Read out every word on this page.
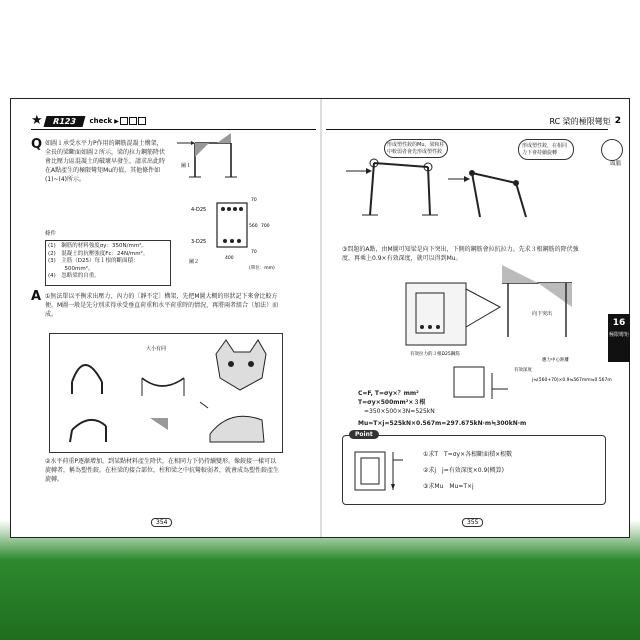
★	R123	check ▶
Q 如圖１承受水平力P作用的鋼筋混凝土構架，全長的梁斷面如圖２所示，梁的拉力鋼筋降伏會比壓力區混凝土的破壞早發生，請求出此時在A點產生的極限彎矩Mu的值，其他條件如(1)~(4)所示。
圖１
4-D25
3-D25
70
560 700
70
400
圖２
(單位：mm)
條件
(1)　鋼筋的材料強度σy：350N/mm²。
(2)　混凝土的抗壓強度Fc：24N/mm²。
(3)　主筋（D25）每１根的斷面積：
　　　500mm²。
(4)　忽略梁的自重。
A ①無法單以平衡求出壓力、內力的〔靜不定〕構架，先把M圖大概的形狀記下來會比較方便。M圖一般是先分別求得承受垂直荷重和水平荷重時的情況，再將兩者組合（加法）而成。
大小有同
②水平荷重P逐漸增加，到某點材料產生降伏，在相同力下仍持續變形。像鉸接一樣可以旋轉者，稱為塑性鉸。在柱梁的接合部位，柱和梁之中抗彎較弱者，就會成為塑性鉸產生旋轉。
354
RC 梁的極限彎矩 2
頭腦
形成塑性鉸的Mu，梁和柱中較弱者會先形成塑性鉸
形成塑性鉸，在相同力下會持續旋轉
③問題的A點，由M圖可知梁是向下突出，下側的鋼筋會拉抗拉力。先求３根鋼筋的降伏強度，再乘上0.9×有效深度，就可以得到Mu。
向下突出
有效拉力的３根D25鋼筋
有效深度
應力中心距離
j≒(560+70)×0.9≒567mm≒0.567m
C=F, T=σy×？mm²
T=σy×500mm²×３根
=350×500×3N=525kN
Mu=T×j=525kN×0.567m=297.675kN·m≒300kN·m
Point
①求T　T=σy×各根斷面積×根數
②求j　j=有效深度×0.9(概算)
③求Mu　Mu=T×j
16
極限彎矩
355
